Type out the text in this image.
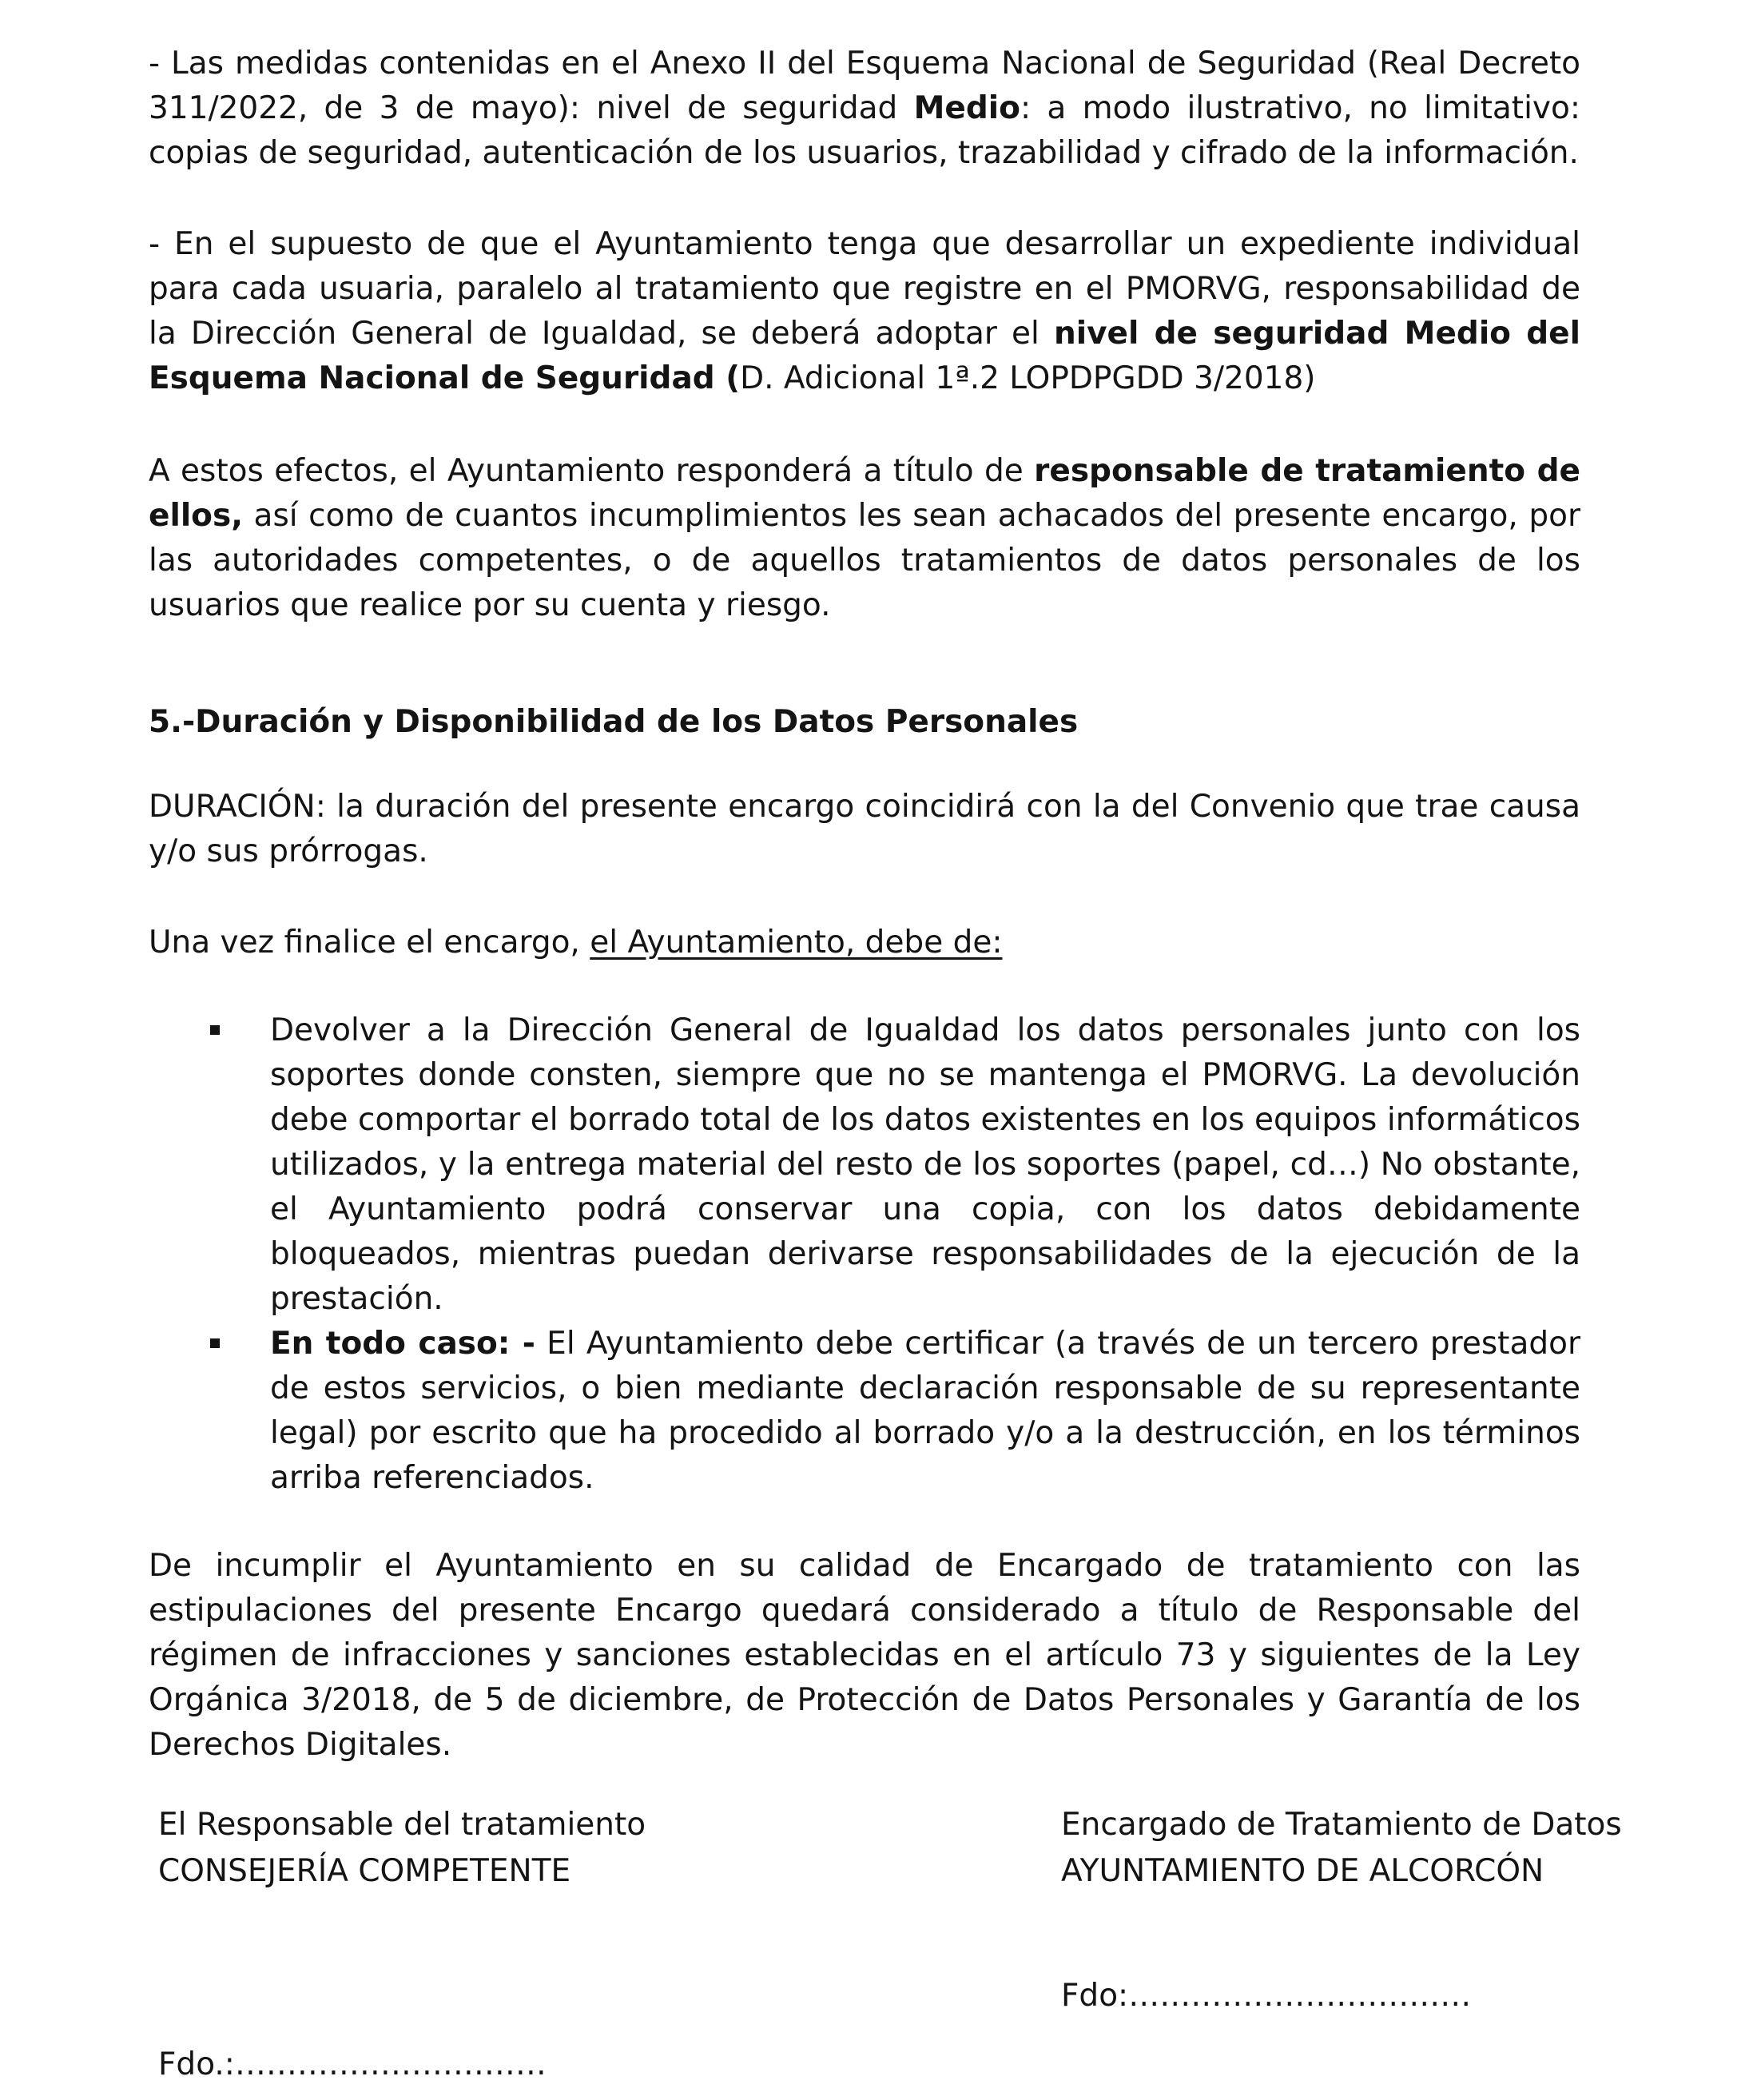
- Las medidas contenidas en el Anexo II del Esquema Nacional de Seguridad (Real Decreto 311/2022, de 3 de mayo): nivel de seguridad Medio: a modo ilustrativo, no limitativo: copias de seguridad, autenticación de los usuarios, trazabilidad y cifrado de la información.

- En el supuesto de que el Ayuntamiento tenga que desarrollar un expediente individual para cada usuaria, paralelo al tratamiento que registre en el PMORVG, responsabilidad de la Dirección General de Igualdad, se deberá adoptar el nivel de seguridad Medio del Esquema Nacional de Seguridad (D. Adicional 1ª.2 LOPDPGDD 3/2018)

A estos efectos, el Ayuntamiento responderá a título de responsable de tratamiento de ellos, así como de cuantos incumplimientos les sean achacados del presente encargo, por las autoridades competentes, o de aquellos tratamientos de datos personales de los usuarios que realice por su cuenta y riesgo.

5.-Duración y Disponibilidad de los Datos Personales

DURACIÓN: la duración del presente encargo coincidirá con la del Convenio que trae causa y/o sus prórrogas.

Una vez finalice el encargo, el Ayuntamiento, debe de:

Devolver a la Dirección General de Igualdad los datos personales junto con los soportes donde consten, siempre que no se mantenga el PMORVG. La devolución debe comportar el borrado total de los datos existentes en los equipos informáticos utilizados, y la entrega material del resto de los soportes (papel, cd…) No obstante, el Ayuntamiento podrá conservar una copia, con los datos debidamente bloqueados, mientras puedan derivarse responsabilidades de la ejecución de la prestación.
En todo caso: - El Ayuntamiento debe certificar (a través de un tercero prestador de estos servicios, o bien mediante declaración responsable de su representante legal) por escrito que ha procedido al borrado y/o a la destrucción, en los términos arriba referenciados.

De incumplir el Ayuntamiento en su calidad de Encargado de tratamiento con las estipulaciones del presente Encargo quedará considerado a título de Responsable del régimen de infracciones y sanciones establecidas en el artículo 73 y siguientes de la Ley Orgánica 3/2018, de 5 de diciembre, de Protección de Datos Personales y Garantía de los Derechos Digitales.

El Responsable del tratamiento
CONSEJERÍA COMPETENTE
Fdo.:…………………………
Encargado de Tratamiento de Datos
AYUNTAMIENTO DE ALCORCÓN
Fdo:……………………………
